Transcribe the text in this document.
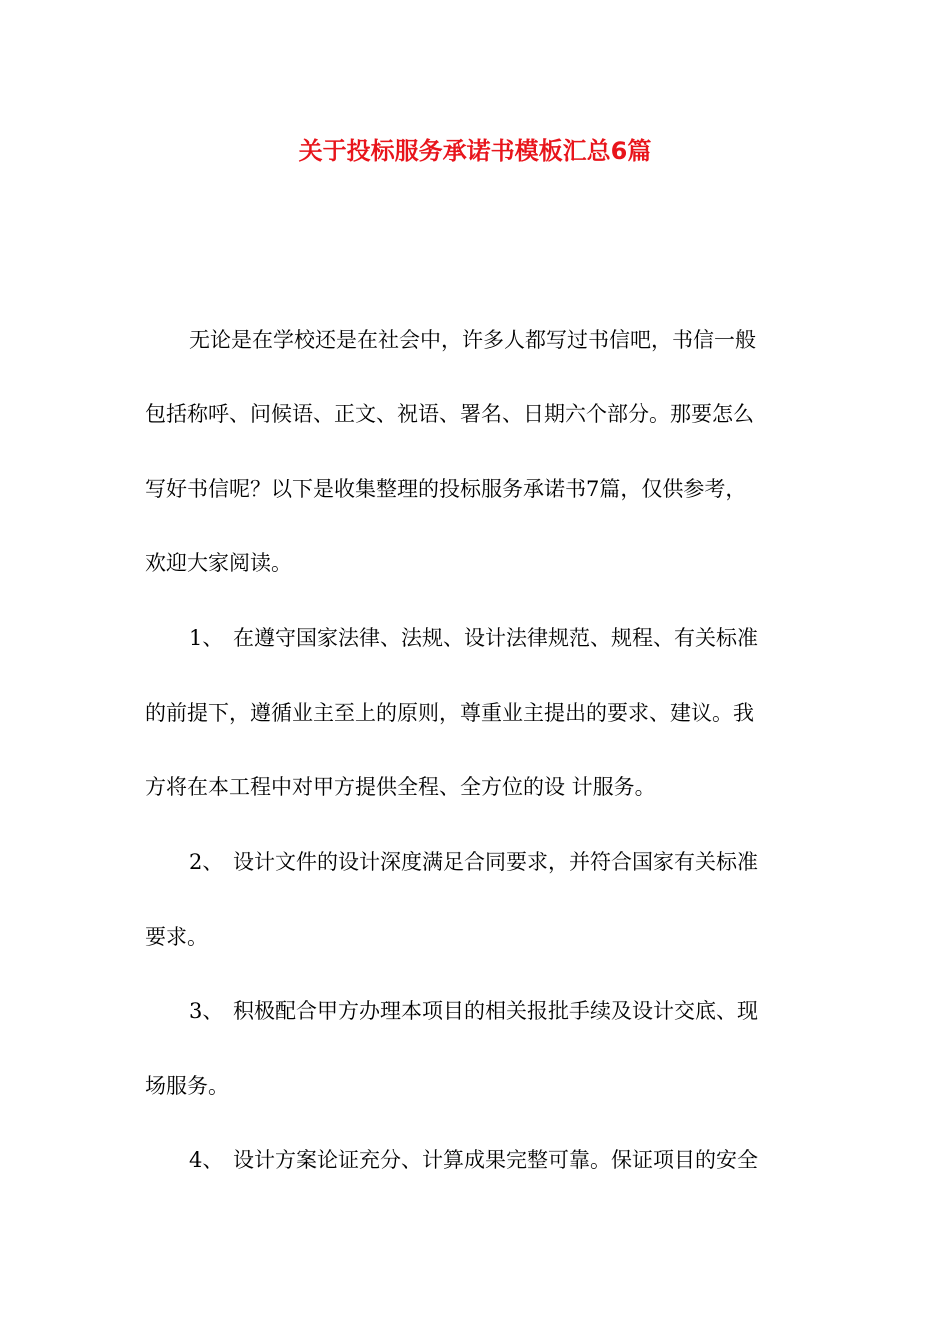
关于投标服务承诺书模板汇总6篇

无论是在学校还是在社会中，许多人都写过书信吧，书信一般

包括称呼、问候语、正文、祝语、署名、日期六个部分。那要怎么

写好书信呢？以下是收集整理的投标服务承诺书7篇，仅供参考，

欢迎大家阅读。

1、 在遵守国家法律、法规、设计法律规范、规程、有关标准

的前提下，遵循业主至上的原则，尊重业主提出的要求、建议。我

方将在本工程中对甲方提供全程、全方位的设 计服务。

2、 设计文件的设计深度满足合同要求，并符合国家有关标准

要求。

3、 积极配合甲方办理本项目的相关报批手续及设计交底、现

场服务。

4、 设计方案论证充分、计算成果完整可靠。保证项目的安全
